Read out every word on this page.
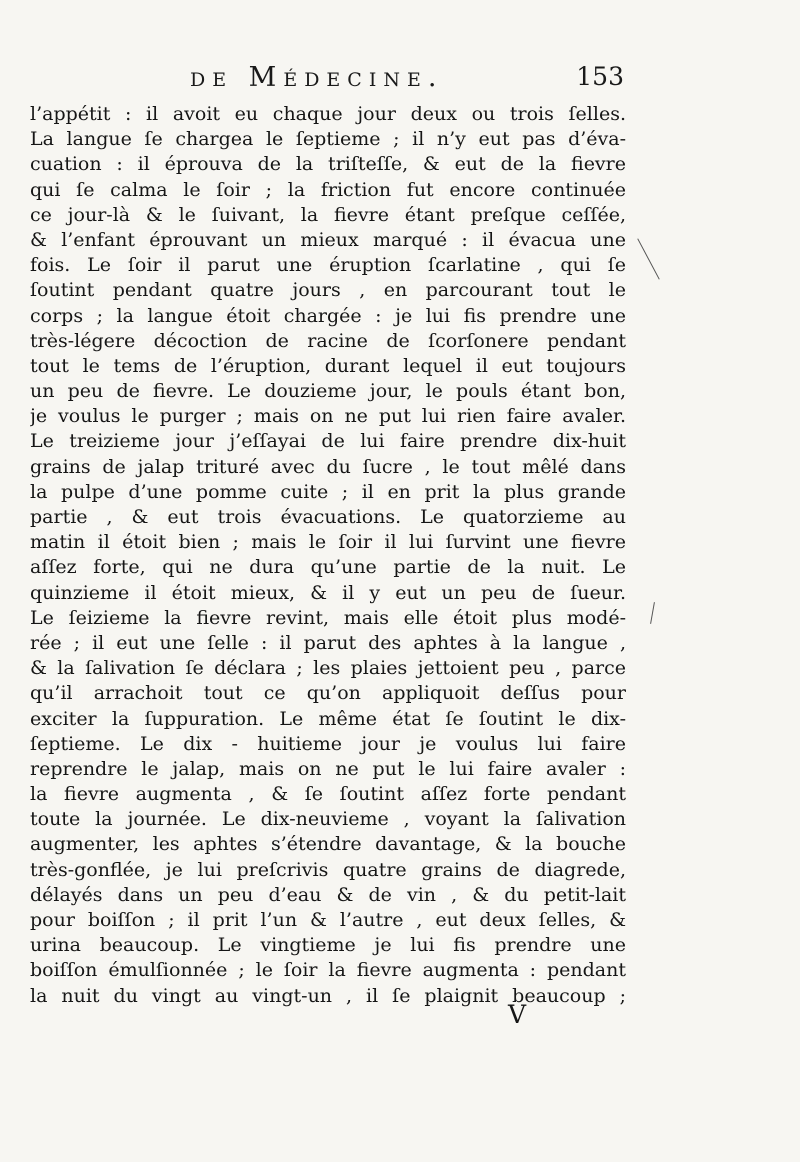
de Médecine.	153
l’appétit : il avoit eu chaque jour deux ou trois ſelles.
La langue ſe chargea le ſeptieme ; il n’y eut pas d’éva-
cuation : il éprouva de la triſteſſe, & eut de la fievre
qui ſe calma le ſoir ; la friction fut encore continuée
ce jour-là & le ſuivant, la fievre étant preſque ceſſée,
& l’enfant éprouvant un mieux marqué : il évacua une
fois. Le ſoir il parut une éruption ſcarlatine , qui ſe
ſoutint pendant quatre jours , en parcourant tout le
corps ; la langue étoit chargée : je lui fis prendre une
très-légere décoction de racine de ſcorſonere pendant
tout le tems de l’éruption, durant lequel il eut toujours
un peu de fievre. Le douzieme jour, le pouls étant bon,
je voulus le purger ; mais on ne put lui rien faire avaler.
Le treizieme jour j’eſſayai de lui faire prendre dix-huit
grains de jalap trituré avec du ſucre , le tout mêlé dans
la pulpe d’une pomme cuite ; il en prit la plus grande
partie , & eut trois évacuations. Le quatorzieme au
matin il étoit bien ; mais le ſoir il lui ſurvint une fievre
aſſez forte, qui ne dura qu’une partie de la nuit. Le
quinzieme il étoit mieux, & il y eut un peu de ſueur.
Le ſeizieme la fievre revint, mais elle étoit plus modé-
rée ; il eut une ſelle : il parut des aphtes à la langue ,
& la ſalivation ſe déclara ; les plaies jettoient peu , parce
qu’il arrachoit tout ce qu’on appliquoit deſſus pour
exciter la ſuppuration. Le même état ſe ſoutint le dix-
ſeptieme. Le dix - huitieme jour je voulus lui faire
reprendre le jalap, mais on ne put le lui faire avaler :
la fievre augmenta , & ſe ſoutint aſſez forte pendant
toute la journée. Le dix-neuvieme , voyant la ſalivation
augmenter, les aphtes s’étendre davantage, & la bouche
très-gonflée, je lui preſcrivis quatre grains de diagrede,
délayés dans un peu d’eau & de vin , & du petit-lait
pour boiſſon ; il prit l’un & l’autre , eut deux ſelles, &
urina beaucoup. Le vingtieme je lui fis prendre une
boiſſon émulſionnée ; le ſoir la fievre augmenta : pendant
la nuit du vingt au vingt-un , il ſe plaignit beaucoup ;
V
